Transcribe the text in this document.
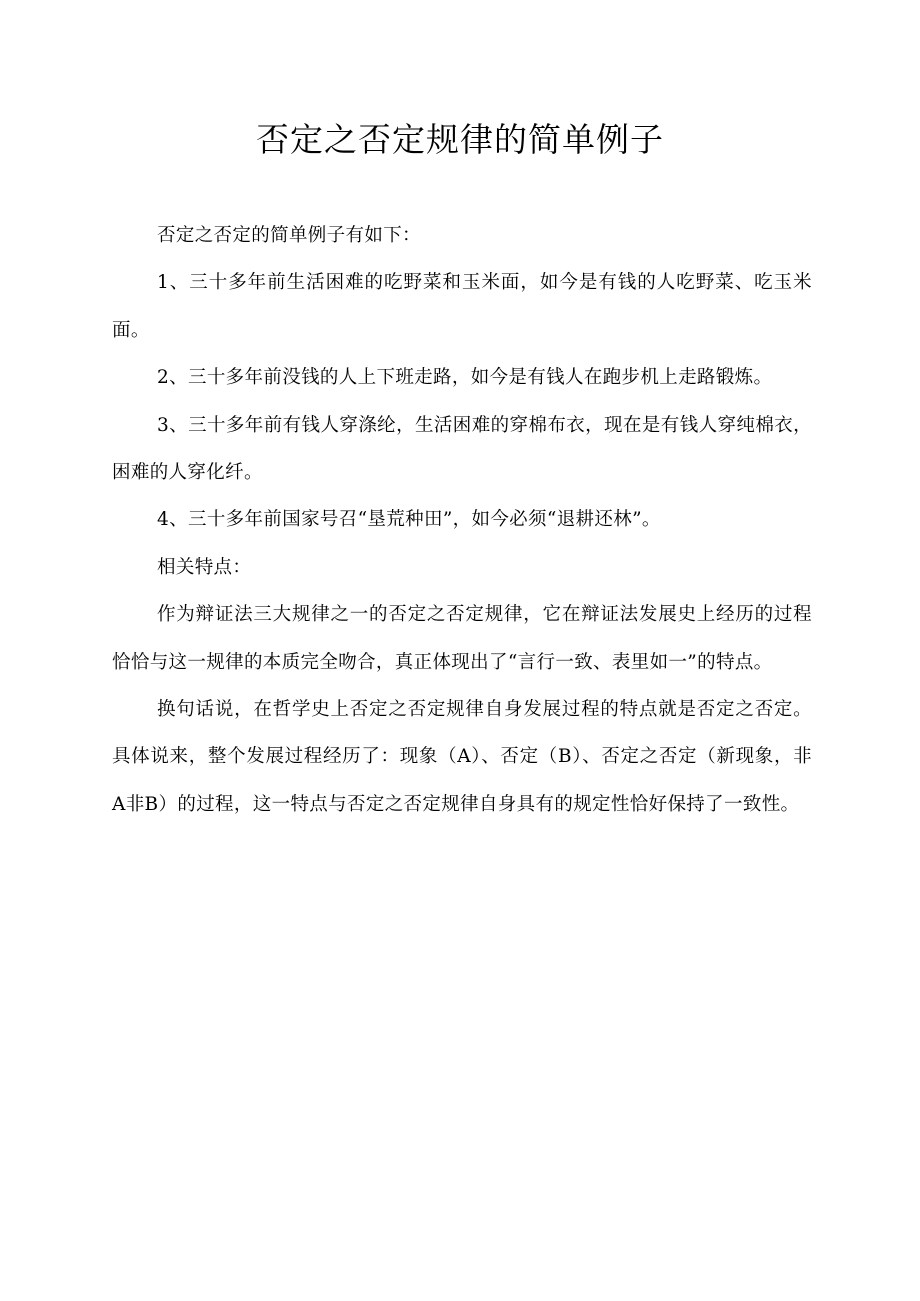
否定之否定规律的简单例子

否定之否定的简单例子有如下：

1、三十多年前生活困难的吃野菜和玉米面，如今是有钱的人吃野菜、吃玉米面。

2、三十多年前没钱的人上下班走路，如今是有钱人在跑步机上走路锻炼。

3、三十多年前有钱人穿涤纶，生活困难的穿棉布衣，现在是有钱人穿纯棉衣，困难的人穿化纤。

4、三十多年前国家号召“垦荒种田”，如今必须“退耕还林”。

相关特点：

作为辩证法三大规律之一的否定之否定规律，它在辩证法发展史上经历的过程恰恰与这一规律的本质完全吻合，真正体现出了“言行一致、表里如一”的特点。

换句话说，在哲学史上否定之否定规律自身发展过程的特点就是否定之否定。具体说来，整个发展过程经历了：现象（A）、否定（B）、否定之否定（新现象，非A非B）的过程，这一特点与否定之否定规律自身具有的规定性恰好保持了一致性。
